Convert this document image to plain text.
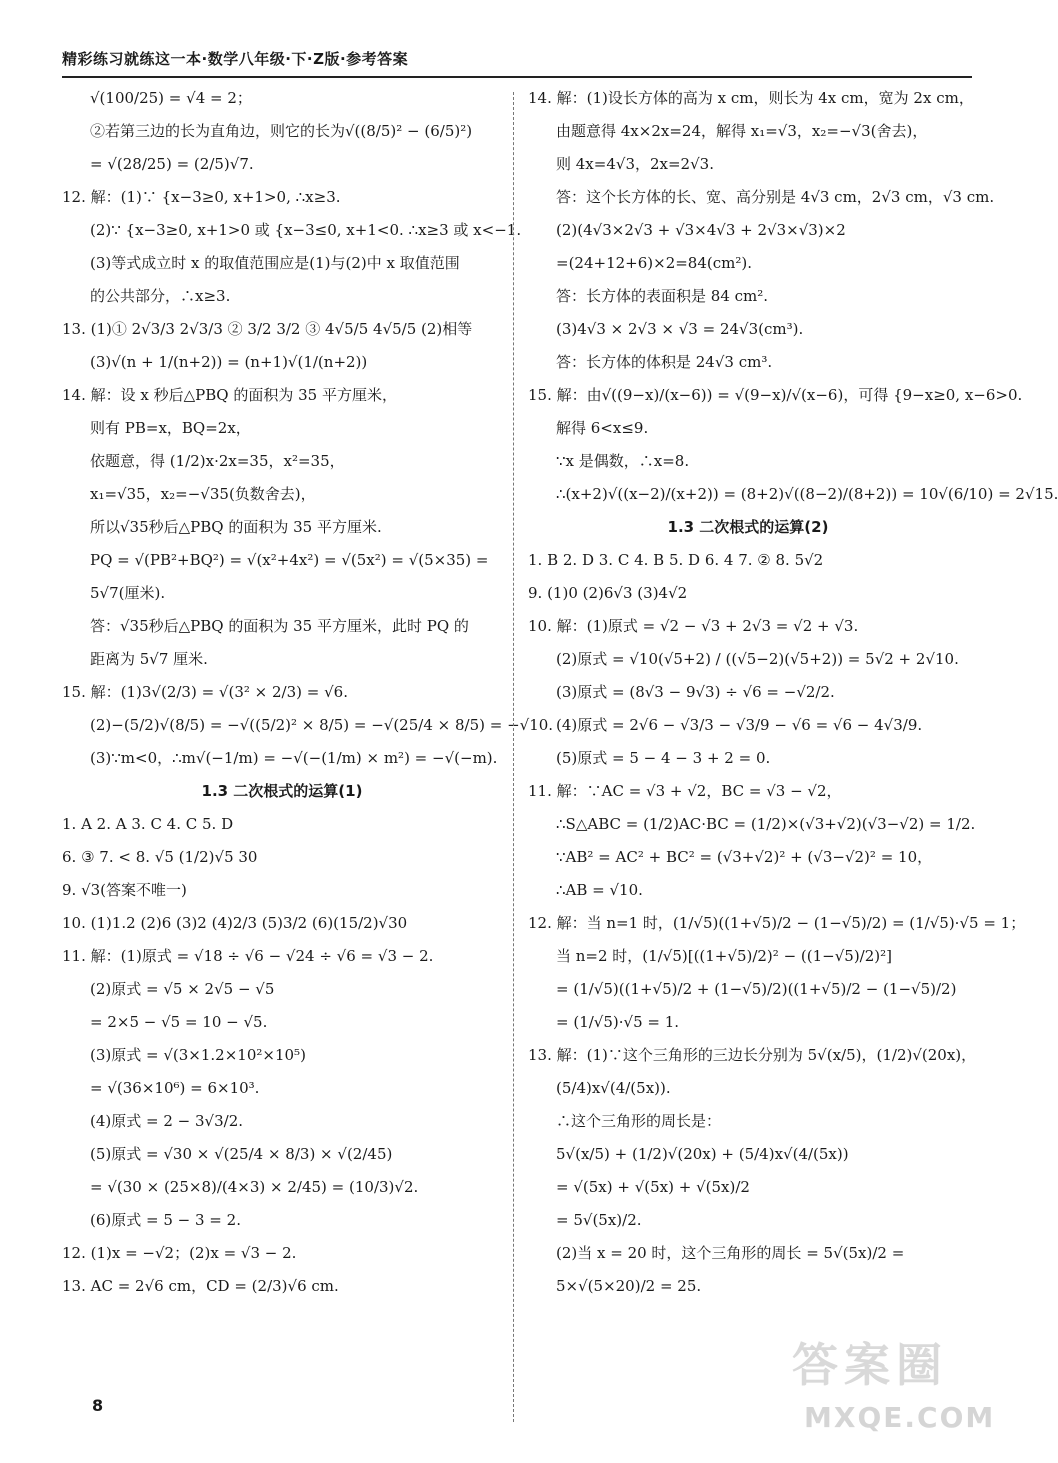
精彩练习就练这一本·数学八年级·下·Z版·参考答案
√(100/25) = √4 = 2；
②若第三边的长为直角边，则它的长为√((8/5)² − (6/5)²)
= √(28/25) = (2/5)√7.
12. 解：(1)∵ {x−3≥0, x+1>0, ∴x≥3.
(2)∵ {x−3≥0, x+1>0 或 {x−3≤0, x+1<0. ∴x≥3 或 x<−1.
(3)等式成立时 x 的取值范围应是(1)与(2)中 x 取值范围
的公共部分，∴x≥3.
13. (1)① 2√3/3 2√3/3 ② 3/2 3/2 ③ 4√5/5 4√5/5 (2)相等
(3)√(n + 1/(n+2)) = (n+1)√(1/(n+2))
14. 解：设 x 秒后△PBQ 的面积为 35 平方厘米，
则有 PB=x，BQ=2x，
依题意，得 (1/2)x·2x=35，x²=35，
x₁=√35，x₂=−√35(负数舍去)，
所以√35秒后△PBQ 的面积为 35 平方厘米.
PQ = √(PB²+BQ²) = √(x²+4x²) = √(5x²) = √(5×35) =
5√7(厘米).
答：√35秒后△PBQ 的面积为 35 平方厘米，此时 PQ 的
距离为 5√7 厘米.
15. 解：(1)3√(2/3) = √(3² × 2/3) = √6.
(2)−(5/2)√(8/5) = −√((5/2)² × 8/5) = −√(25/4 × 8/5) = −√10.
(3)∵m<0，∴m√(−1/m) = −√(−(1/m) × m²) = −√(−m).
1.3 二次根式的运算(1)
1. A 2. A 3. C 4. C 5. D
6. ③ 7. < 8. √5 (1/2)√5 30
9. √3(答案不唯一)
10. (1)1.2 (2)6 (3)2 (4)2/3 (5)3/2 (6)(15/2)√30
11. 解：(1)原式 = √18 ÷ √6 − √24 ÷ √6 = √3 − 2.
(2)原式 = √5 × 2√5 − √5
= 2×5 − √5 = 10 − √5.
(3)原式 = √(3×1.2×10²×10⁵)
= √(36×10⁶) = 6×10³.
(4)原式 = 2 − 3√3/2.
(5)原式 = √30 × √(25/4 × 8/3) × √(2/45)
= √(30 × (25×8)/(4×3) × 2/45) = (10/3)√2.
(6)原式 = 5 − 3 = 2.
12. (1)x = −√2；(2)x = √3 − 2.
13. AC = 2√6 cm，CD = (2/3)√6 cm.
14. 解：(1)设长方体的高为 x cm，则长为 4x cm，宽为 2x cm，
由题意得 4x×2x=24，解得 x₁=√3，x₂=−√3(舍去)，
则 4x=4√3，2x=2√3.
答：这个长方体的长、宽、高分别是 4√3 cm，2√3 cm，√3 cm.
(2)(4√3×2√3 + √3×4√3 + 2√3×√3)×2
=(24+12+6)×2=84(cm²).
答：长方体的表面积是 84 cm².
(3)4√3 × 2√3 × √3 = 24√3(cm³).
答：长方体的体积是 24√3 cm³.
15. 解：由√((9−x)/(x−6)) = √(9−x)/√(x−6)，可得 {9−x≥0, x−6>0.
解得 6<x≤9.
∵x 是偶数，∴x=8.
∴(x+2)√((x−2)/(x+2)) = (8+2)√((8−2)/(8+2)) = 10√(6/10) = 2√15.
1.3 二次根式的运算(2)
1. B 2. D 3. C 4. B 5. D 6. 4 7. ② 8. 5√2
9. (1)0 (2)6√3 (3)4√2
10. 解：(1)原式 = √2 − √3 + 2√3 = √2 + √3.
(2)原式 = √10(√5+2) / ((√5−2)(√5+2)) = 5√2 + 2√10.
(3)原式 = (8√3 − 9√3) ÷ √6 = −√2/2.
(4)原式 = 2√6 − √3/3 − √3/9 − √6 = √6 − 4√3/9.
(5)原式 = 5 − 4 − 3 + 2 = 0.
11. 解：∵AC = √3 + √2，BC = √3 − √2，
∴S△ABC = (1/2)AC·BC = (1/2)×(√3+√2)(√3−√2) = 1/2.
∵AB² = AC² + BC² = (√3+√2)² + (√3−√2)² = 10，
∴AB = √10.
12. 解：当 n=1 时，(1/√5)((1+√5)/2 − (1−√5)/2) = (1/√5)·√5 = 1；
当 n=2 时，(1/√5)[((1+√5)/2)² − ((1−√5)/2)²]
= (1/√5)((1+√5)/2 + (1−√5)/2)((1+√5)/2 − (1−√5)/2)
= (1/√5)·√5 = 1.
13. 解：(1)∵这个三角形的三边长分别为 5√(x/5)，(1/2)√(20x)，
(5/4)x√(4/(5x)).
∴这个三角形的周长是：
5√(x/5) + (1/2)√(20x) + (5/4)x√(4/(5x))
= √(5x) + √(5x) + √(5x)/2
= 5√(5x)/2.
(2)当 x = 20 时，这个三角形的周长 = 5√(5x)/2 =
5×√(5×20)/2 = 25.
8
答案圈
MXQE.COM
